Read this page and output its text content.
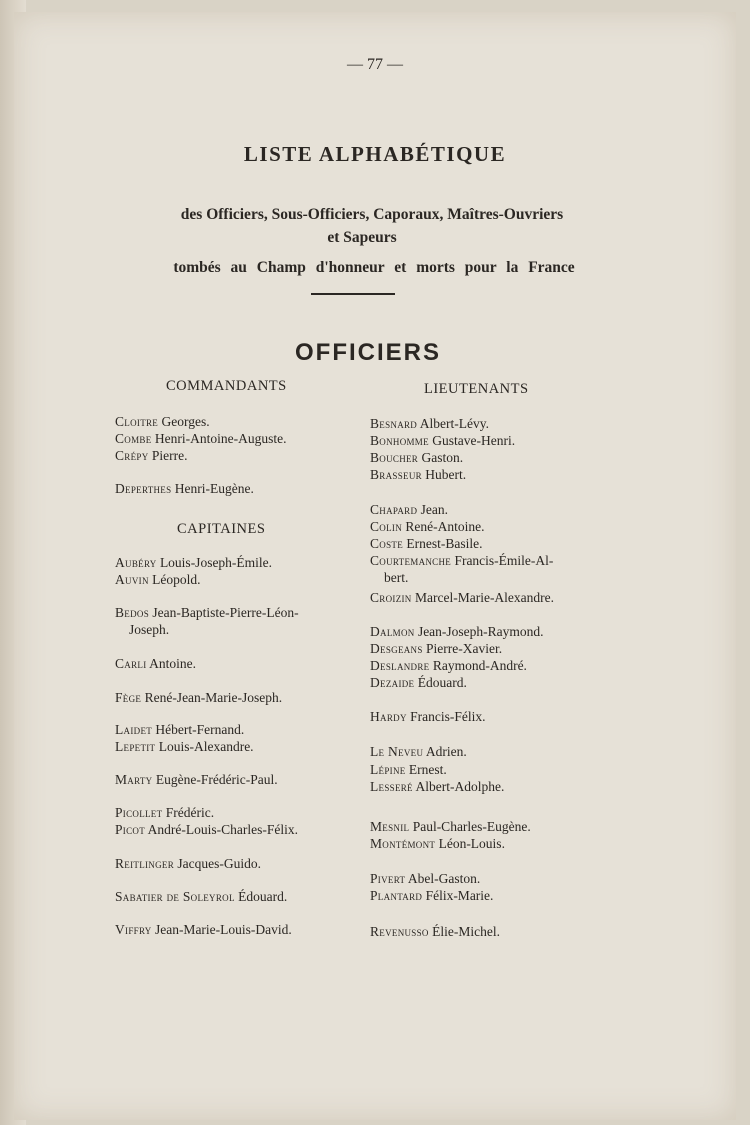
— 77 —
LISTE ALPHABÉTIQUE
des Officiers, Sous-Officiers, Caporaux, Maîtres-Ouvriers
et Sapeurs
tombés au Champ d'honneur et morts pour la France
OFFICIERS
COMMANDANTS
Cloitre Georges.
Combe Henri-Antoine-Auguste.
Crépy Pierre.
Deperthes Henri-Eugène.
CAPITAINES
Aubéry Louis-Joseph-Émile.
Auvin Léopold.
Bedos Jean-Baptiste-Pierre-Léon-
Joseph.
Carli Antoine.
Fège René-Jean-Marie-Joseph.
Laidet Hébert-Fernand.
Lepetit Louis-Alexandre.
Marty Eugène-Frédéric-Paul.
Picollet Frédéric.
Picot André-Louis-Charles-Félix.
Reitlinger Jacques-Guido.
Sabatier de Soleyrol Édouard.
Viffry Jean-Marie-Louis-David.
LIEUTENANTS
Besnard Albert-Lévy.
Bonhomme Gustave-Henri.
Boucher Gaston.
Brasseur Hubert.
Chapard Jean.
Colin René-Antoine.
Coste Ernest-Basile.
Courtemanche Francis-Émile-Al-
bert.
Croizin Marcel-Marie-Alexandre.
Dalmon Jean-Joseph-Raymond.
Desgeans Pierre-Xavier.
Deslandre Raymond-André.
Dezaide Édouard.
Hardy Francis-Félix.
Le Neveu Adrien.
Lépine Ernest.
Lesseré Albert-Adolphe.
Mesnil Paul-Charles-Eugène.
Montémont Léon-Louis.
Pivert Abel-Gaston.
Plantard Félix-Marie.
Revenusso Élie-Michel.
